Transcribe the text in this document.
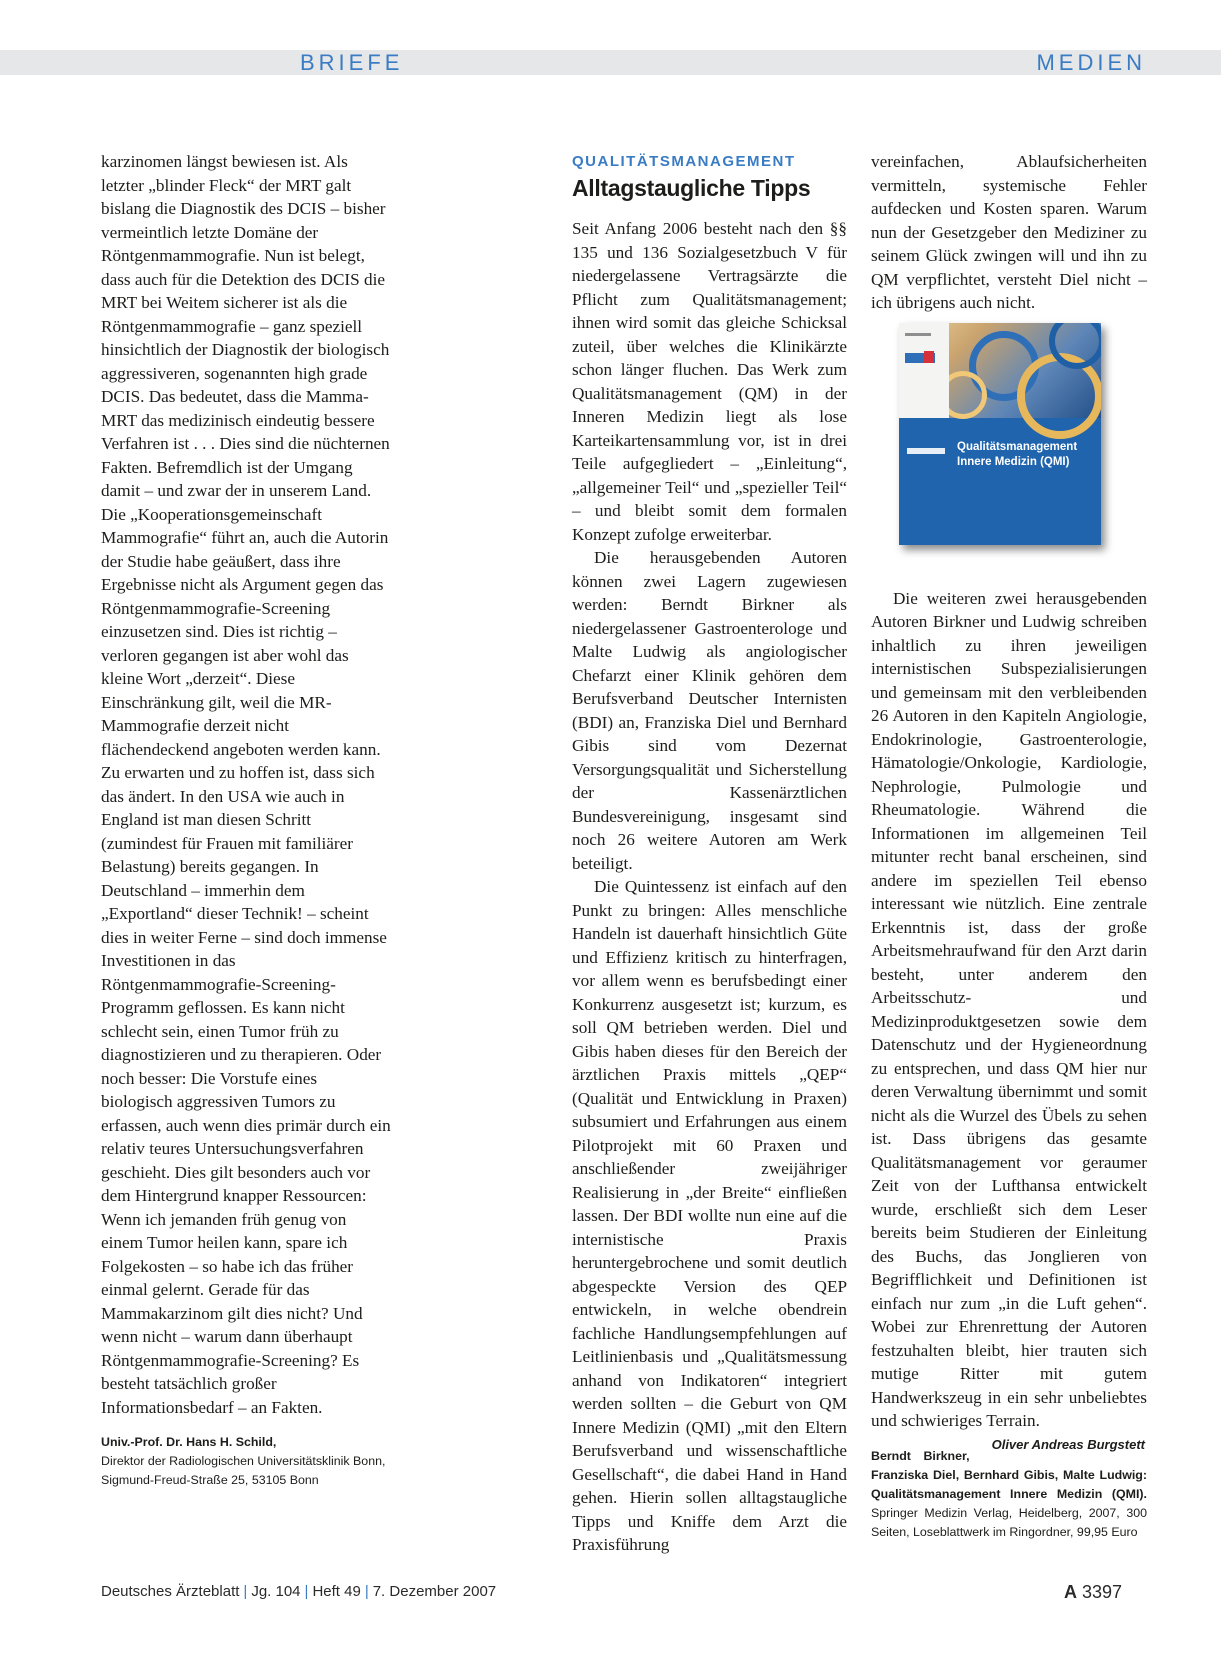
BRIEFE	MEDIEN

karzinomen längst bewiesen ist. Als letzter „blinder Fleck“ der MRT galt bislang die Diagnostik des DCIS – bisher vermeintlich letzte Domäne der Röntgenmammografie. Nun ist belegt, dass auch für die Detektion des DCIS die MRT bei Weitem sicherer ist als die Röntgenmammografie – ganz speziell hinsichtlich der Diagnostik der biologisch aggressiveren, sogenannten high grade DCIS. Das bedeutet, dass die Mamma-MRT das medizinisch eindeutig bessere Verfahren ist . . . Dies sind die nüchternen Fakten. Befremdlich ist der Umgang damit – und zwar der in unserem Land. Die „Kooperationsgemeinschaft Mammografie“ führt an, auch die Autorin der Studie habe geäußert, dass ihre Ergebnisse nicht als Argument gegen das Röntgenmammografie-Screening einzusetzen sind. Dies ist richtig – verloren gegangen ist aber wohl das kleine Wort „derzeit“. Diese Einschränkung gilt, weil die MR-Mammografie derzeit nicht flächendeckend angeboten werden kann. Zu erwarten und zu hoffen ist, dass sich das ändert. In den USA wie auch in England ist man diesen Schritt (zumindest für Frauen mit familiärer Belastung) bereits gegangen. In Deutschland – immerhin dem „Exportland“ dieser Technik! – scheint dies in weiter Ferne – sind doch immense Investitionen in das Röntgenmammografie-Screening-Programm geflossen. Es kann nicht schlecht sein, einen Tumor früh zu diagnostizieren und zu therapieren. Oder noch besser: Die Vorstufe eines biologisch aggressiven Tumors zu erfassen, auch wenn dies primär durch ein relativ teures Untersuchungsverfahren geschieht. Dies gilt besonders auch vor dem Hintergrund knapper Ressourcen: Wenn ich jemanden früh genug von einem Tumor heilen kann, spare ich Folgekosten – so habe ich das früher einmal gelernt. Gerade für das Mammakarzinom gilt dies nicht? Und wenn nicht – warum dann überhaupt Röntgenmammografie-Screening? Es besteht tatsächlich großer Informationsbedarf – an Fakten.

Univ.-Prof. Dr. Hans H. Schild,
Direktor der Radiologischen Universitätsklinik Bonn,
Sigmund-Freud-Straße 25, 53105 Bonn
QUALITÄTSMANAGEMENT
Alltagstaugliche Tipps

Seit Anfang 2006 besteht nach den §§ 135 und 136 Sozialgesetzbuch V für niedergelassene Vertragsärzte die Pflicht zum Qualitätsmanagement; ihnen wird somit das gleiche Schicksal zuteil, über welches die Klinikärzte schon länger fluchen. Das Werk zum Qualitätsmanagement (QM) in der Inneren Medizin liegt als lose Karteikartensammlung vor, ist in drei Teile aufgegliedert – „Einleitung“, „allgemeiner Teil“ und „spezieller Teil“ – und bleibt somit dem formalen Konzept zufolge erweiterbar.

Die herausgebenden Autoren können zwei Lagern zugewiesen werden: Berndt Birkner als niedergelassener Gastroenterologe und Malte Ludwig als angiologischer Chefarzt einer Klinik gehören dem Berufsverband Deutscher Internisten (BDI) an, Franziska Diel und Bernhard Gibis sind vom Dezernat Versorgungsqualität und Sicherstellung der Kassenärztlichen Bundesvereinigung, insgesamt sind noch 26 weitere Autoren am Werk beteiligt.

Die Quintessenz ist einfach auf den Punkt zu bringen: Alles menschliche Handeln ist dauerhaft hinsichtlich Güte und Effizienz kritisch zu hinterfragen, vor allem wenn es berufsbedingt einer Konkurrenz ausgesetzt ist; kurzum, es soll QM betrieben werden. Diel und Gibis haben dieses für den Bereich der ärztlichen Praxis mittels „QEP“ (Qualität und Entwicklung in Praxen) subsumiert und Erfahrungen aus einem Pilotprojekt mit 60 Praxen und anschließender zweijähriger Realisierung in „der Breite“ einfließen lassen. Der BDI wollte nun eine auf die internistische Praxis heruntergebrochene und somit deutlich abgespeckte Version des QEP entwickeln, in welche obendrein fachliche Handlungsempfehlungen auf Leitlinienbasis und „Qualitätsmessung anhand von Indikatoren“ integriert werden sollten – die Geburt von QM Innere Medizin (QMI) „mit den Eltern Berufsverband und wissenschaftliche Gesellschaft“, die dabei Hand in Hand gehen. Hierin sollen alltagstaugliche Tipps und Kniffe dem Arzt die Praxisführung

vereinfachen, Ablaufsicherheiten vermitteln, systemische Fehler aufdecken und Kosten sparen. Warum nun der Gesetzgeber den Mediziner zu seinem Glück zwingen will und ihn zu QM verpflichtet, versteht Diel nicht – ich übrigens auch nicht.

Qualitätsmanagement Innere Medizin (QMI)

Die weiteren zwei herausgebenden Autoren Birkner und Ludwig schreiben inhaltlich zu ihren jeweiligen internistischen Subspezialisierungen und gemeinsam mit den verbleibenden 26 Autoren in den Kapiteln Angiologie, Endokrinologie, Gastroenterologie, Hämatologie/Onkologie, Kardiologie, Nephrologie, Pulmologie und Rheumatologie. Während die Informationen im allgemeinen Teil mitunter recht banal erscheinen, sind andere im speziellen Teil ebenso interessant wie nützlich. Eine zentrale Erkenntnis ist, dass der große Arbeitsmehraufwand für den Arzt darin besteht, unter anderem den Arbeitsschutz- und Medizinproduktgesetzen sowie dem Datenschutz und der Hygieneordnung zu entsprechen, und dass QM hier nur deren Verwaltung übernimmt und somit nicht als die Wurzel des Übels zu sehen ist. Dass übrigens das gesamte Qualitätsmanagement vor geraumer Zeit von der Lufthansa entwickelt wurde, erschließt sich dem Leser bereits beim Studieren der Einleitung des Buchs, das Jonglieren von Begrifflichkeit und Definitionen ist einfach nur zum „in die Luft gehen“. Wobei zur Ehrenrettung der Autoren festzuhalten bleibt, hier trauten sich mutige Ritter mit gutem Handwerkszeug in ein sehr unbeliebtes und schwieriges Terrain.
Oliver Andreas Burgstett

Berndt Birkner, Franziska Diel, Bernhard Gibis, Malte Ludwig: Qualitätsmanagement Innere Medizin (QMI). Springer Medizin Verlag, Heidelberg, 2007, 300 Seiten, Loseblattwerk im Ringordner, 99,95 Euro
Deutsches Ärzteblatt | Jg. 104 | Heft 49 | 7. Dezember 2007	A 3397
